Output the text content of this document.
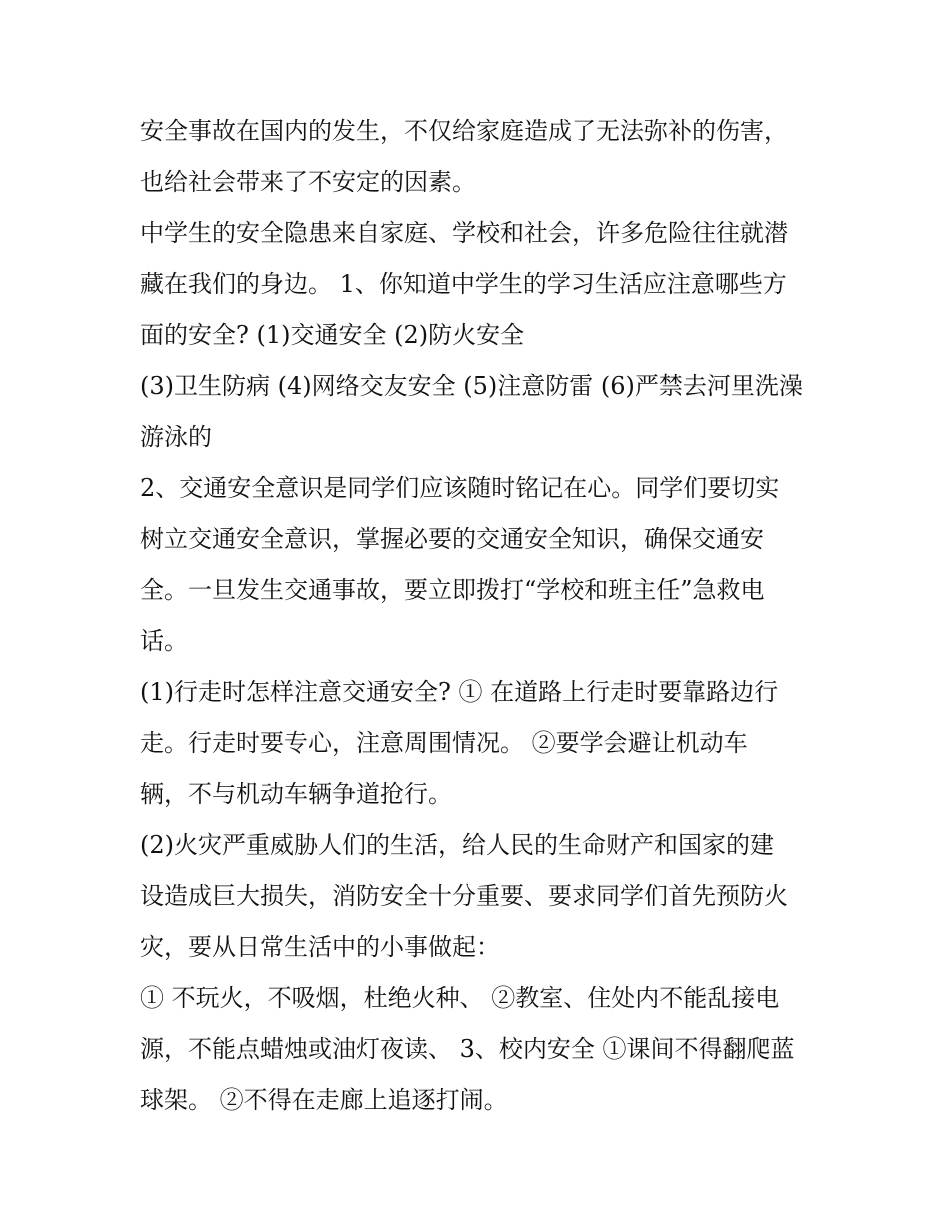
安全事故在国内的发生，不仅给家庭造成了无法弥补的伤害，
也给社会带来了不安定的因素。
中学生的安全隐患来自家庭、学校和社会，许多危险往往就潜
藏在我们的身边。 1、你知道中学生的学习生活应注意哪些方
面的安全? (1)交通安全 (2)防火安全
(3)卫生防病 (4)网络交友安全 (5)注意防雷 (6)严禁去河里洗澡
游泳的
2、交通安全意识是同学们应该随时铭记在心。同学们要切实
树立交通安全意识，掌握必要的交通安全知识，确保交通安
全。一旦发生交通事故，要立即拨打“学校和班主任”急救电
话。
(1)行走时怎样注意交通安全? ① 在道路上行走时要靠路边行
走。行走时要专心，注意周围情况。 ②要学会避让机动车
辆，不与机动车辆争道抢行。
(2)火灾严重威胁人们的生活，给人民的生命财产和国家的建
设造成巨大损失，消防安全十分重要、要求同学们首先预防火
灾，要从日常生活中的小事做起：
① 不玩火，不吸烟，杜绝火种、 ②教室、住处内不能乱接电
源，不能点蜡烛或油灯夜读、 3、校内安全 ①课间不得翻爬蓝
球架。 ②不得在走廊上追逐打闹。
